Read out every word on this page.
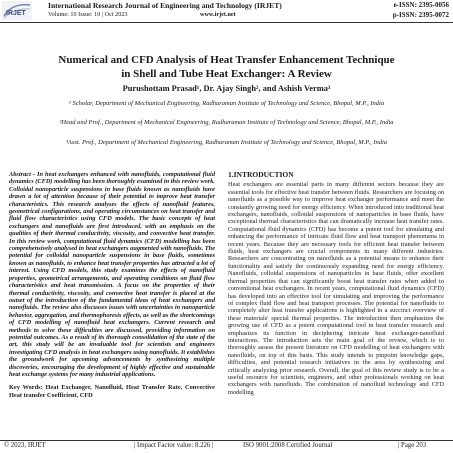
IRJET
International Research Journal of Engineering and Technology (IRJET)
Volume: 10 Issue: 10 | Oct 2023	www.irjet.net
e-ISSN: 2395-0056
p-ISSN: 2395-0072
Numerical and CFD Analysis of Heat Transfer Enhancement Technique
in Shell and Tube Heat Exchanger: A Review
Purushottam Prasad¹, Dr. Ajay Singh², and Ashish Verma³
¹ Scholar, Department of Mechanical Engineering, Radharaman Institute of Technology and Science, Bhopal, M.P., India
²Head and Prof., Department of Mechanical Engineering, Radharaman Institute of Technology and Science, Bhopal, M.P., India
³Asst. Prof., Department of Mechanical Engineering, Radharaman Institute of Technology and Science, Bhopal, M.P., India
Abstract - In heat exchangers enhanced with nanofluids, computational fluid dynamics (CFD) modelling has been thoroughly examined in this review work. Colloidal nanoparticle suspensions in base fluids known as nanofluids have drawn a lot of attention because of their potential to improve heat transfer characteristics. This research analyses the effects of nanofluid features, geometrical configurations, and operating circumstances on heat transfer and fluid flow characteristics using CFD models. The basic concepts of heat exchangers and nanofluids are first introduced, with an emphasis on the qualities of their thermal conductivity, viscosity, and convective heat transfer. In this review work, computational fluid dynamics (CFD) modelling has been comprehensively analysed in heat exchangers augmented with nanofluids. The potential for colloidal nanoparticle suspensions in base fluids, sometimes known as nanofluids, to enhance heat transfer properties has attracted a lot of interest. Using CFD models, this study examines the effects of nanofluid properties, geometrical arrangements, and operating conditions on fluid flow characteristics and heat transmission. A focus on the properties of their thermal conductivity, viscosity, and convective heat transfer is placed at the outset of the introduction of the fundamental ideas of heat exchangers and nanofluids. The review also discusses issues with uncertainties in nanoparticle behavior, aggregation, and thermophoresis effects, as well as the shortcomings of CFD modelling of nanofluid heat exchangers. Current research and methods to solve these difficulties are discussed, providing information on potential outcomes. As a result of its thorough consolidation of the state of the art, this study will be an invaluable tool for scientists and engineers investigating CFD analysis in heat exchangers using nanofluids. It establishes the groundwork for upcoming advancements by synthesizing multiple discoveries, encouraging the development of highly effective and sustainable heat exchange systems for many industrial applications.
Key Words: Heat Exchanger, Nanofluid, Heat Transfer Rate, Convective Heat transfer Coefficient, CFD
1.INTRODUCTION
Heat exchangers are essential parts in many different sectors because they are essential tools for effective heat transfer between fluids. Researchers are focusing on nanofluids as a possible way to improve heat exchanger performance and meet the constantly growing need for energy efficiency. When introduced into traditional heat exchangers, nanofluids, colloidal suspensions of nanoparticles in base fluids, have exceptional thermal characteristics that can dramatically increase heat transfer rates. Computational fluid dynamics (CFD) has become a potent tool for simulating and enhancing the performance of intricate fluid flow and heat transport phenomena in recent years. Because they are necessary tools for efficient heat transfer between fluids, heat exchangers are crucial components in many different industries. Researchers are concentrating on nanofluids as a potential means to enhance their functionality and satisfy the continuously expanding need for energy efficiency. Nanofluids, colloidal suspensions of nanoparticles in base fluids, offer excellent thermal properties that can significantly boost heat transfer rates when added to conventional heat exchangers. In recent years, computational fluid dynamics (CFD) has developed into an effective tool for simulating and improving the performance of complex fluid flow and heat transport processes. The potential for nanofluids to completely alter heat transfer applications is highlighted in a succinct overview of these materials' special thermal properties. The introduction then emphasizes the growing use of CFD as a potent computational tool in heat transfer research and emphasizes its function in deciphering intricate heat exchanger-nanofluid interactions. The introduction sets the main goal of the review, which is to thoroughly assess the present literature on CFD modelling of heat exchangers with nanofluids, on top of this basis. This study intends to pinpoint knowledge gaps, difficulties, and potential research initiatives in the area by synthesizing and critically analyzing prior research. Overall, the goal of this review study is to be a useful resource for scientists, engineers, and other professionals working on heat exchangers with nanofluids. The combination of nanofluid technology and CFD modelling
© 2023, IRJET	| Impact Factor value: 8.226 |	ISO 9001:2008 Certified Journal	| Page 203
